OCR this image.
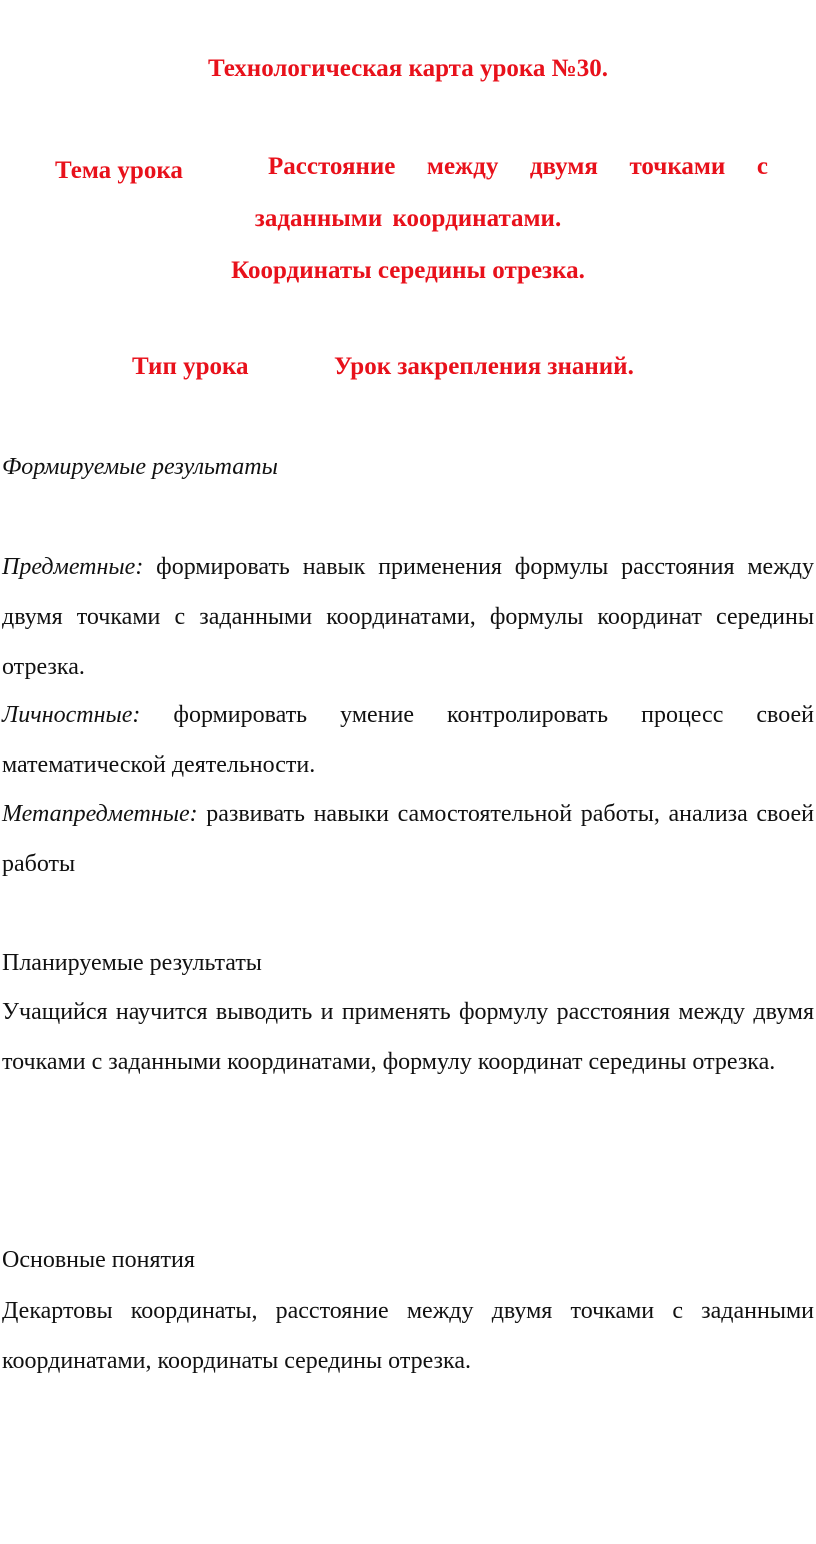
Технологическая карта урока №30.
Тема урока	Расстояние между двумя точками с
заданными координатами.
Координаты середины отрезка.
Тип урока	Урок закрепления знаний.
Формируемые результаты
Предметные: формировать навык применения формулы расстояния между двумя точками с заданными координатами, формулы координат середины отрезка.
Личностные: формировать умение контролировать процесс своей математической деятельности.
Метапредметные: развивать навыки самостоятельной работы, анализа своей работы
Планируемые результаты
Учащийся научится выводить и применять формулу расстояния между двумя точками с заданными координатами, формулу координат середины отрезка.
Основные понятия
Декартовы координаты, расстояние между двумя точками с заданными координатами, координаты середины отрезка.
